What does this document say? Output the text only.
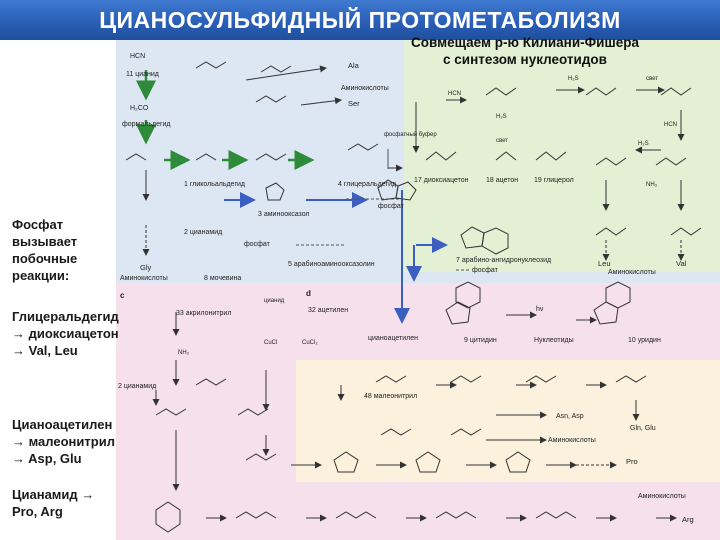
ЦИАНОСУЛЬФИДНЫЙ ПРОТОМЕТАБОЛИЗМ
HCN
11 цианид
Ala
Аминокислоты
Ser
H₂CO
формальдегид
1 гликольальдегид	4 глицеральдегид
фосфатный буфер
фосфат
3 аминооксазол
2 цианамид
фосфат
8 мочевина
5 арабиноаминооксазолин
7 арабино-ангидронуклеозид
фосфат
Gly
Аминокислоты
17 диоксиацетон 18 ацетон 19 глицерол
свет
свет
H₂S
H₂S
H₂S
HCN
HCN
NH₃
Leu	Val
Аминокислоты
9 цитидин	10 уридин
Нуклеотиды
hν
c	d
цианид
33 акрилонитрил	32 ацетилен
CuCl	CuCl₂
цианоацетилен
NH₂
2 цианамид
48 малеонитрил
Asn, Asp
Аминокислоты
Gln, Glu
Pro
Аминокислоты
Arg
Совмещаем р-ю Килиани-Фишера
с синтезом нуклеотидов
Фосфат
вызывает
побочные
реакции:
Глицеральдегид
→ диоксиацетон
→ Val, Leu
Цианоацетилен
→ малеонитрил
→ Asp, Glu
Цианамид →
Pro, Arg
